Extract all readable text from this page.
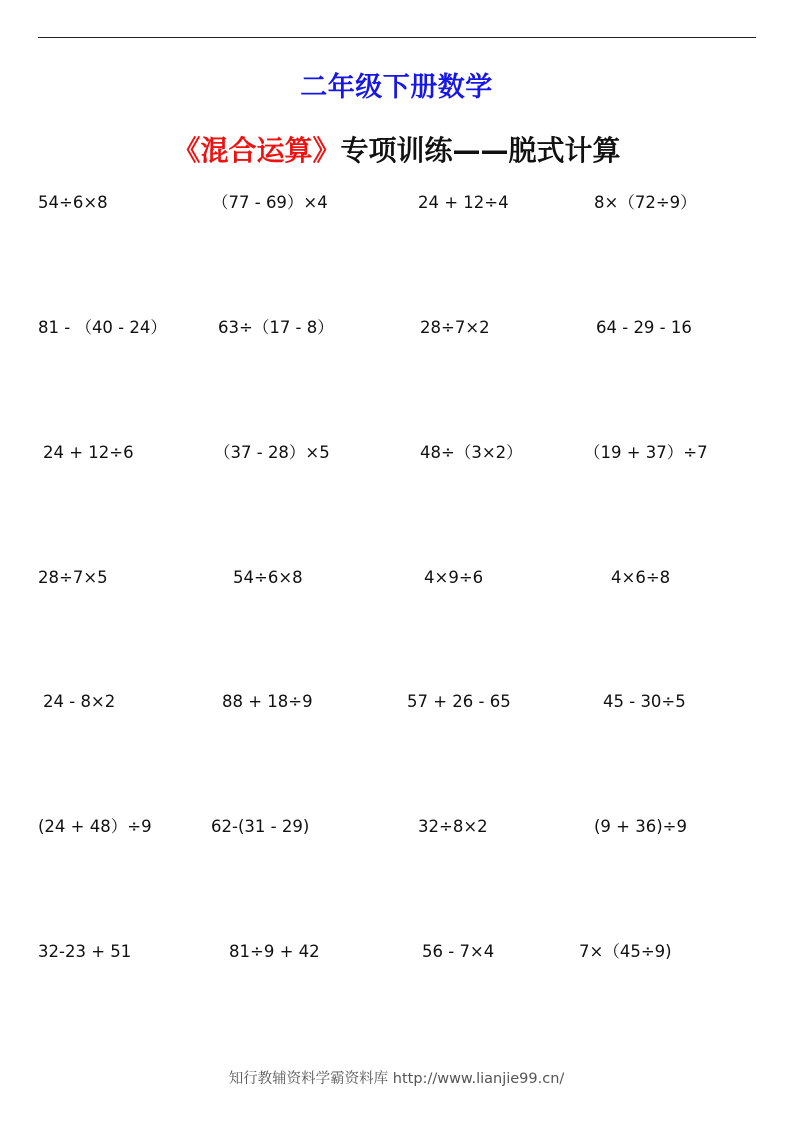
二年级下册数学
《混合运算》专项训练——脱式计算
54÷6×8	（77 - 69）×4	24 + 12÷4	8×（72÷9）
81 - （40 - 24）	63÷（17 - 8）	28÷7×2	64 - 29 - 16
24 + 12÷6	（37 - 28）×5	48÷（3×2）	（19 + 37）÷7
28÷7×5	54÷6×8	4×9÷6	4×6÷8
24 - 8×2	88 + 18÷9	57 + 26 - 65	45 - 30÷5
(24 + 48）÷9	62-(31 - 29)	32÷8×2	(9 + 36)÷9
32-23 + 51	81÷9 + 42	56 - 7×4	7×（45÷9)
知行教辅资料学霸资料库 http://www.lianjie99.cn/
